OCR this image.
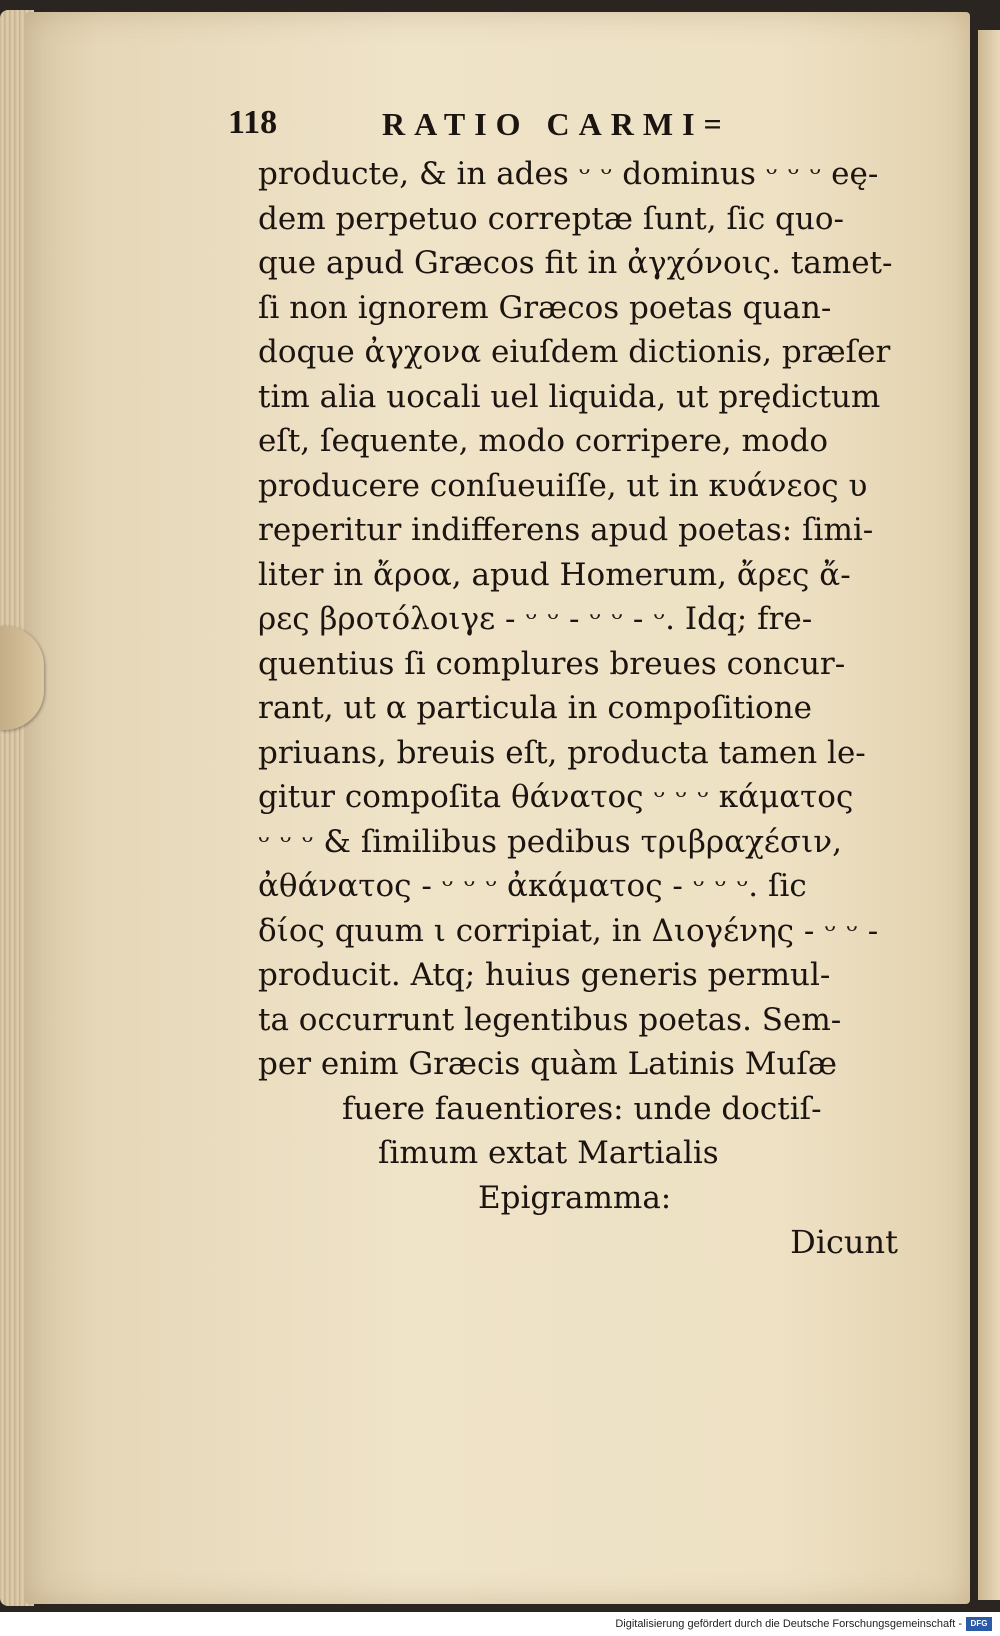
118	RATIO CARMI=
producte, & in ades ᵕ ᵕ dominus ᵕ ᵕ ᵕ eę-
dem perpetuo correptæ ſunt, ſic quo-
que apud Græcos fit in ἀγχόνοις. tamet-
ſi non ignorem Græcos poetas quan-
doque ἀγχονα eiuſdem dictionis, præſer
tim alia uocali uel liquida, ut prędictum
eſt, ſequente, modo corripere, modo
producere conſueuiſſe, ut in κυάνεος υ
reperitur indifferens apud poetas: ſimi-
liter in ἄροα, apud Homerum, ἄρες ἄ-
ρες βροτόλοιγε - ᵕ ᵕ - ᵕ ᵕ - ᵕ. Idq; fre-
quentius ſi complures breues concur-
rant, ut α particula in compoſitione
priuans, breuis eſt, producta tamen le-
gitur compoſita θάνατος ᵕ ᵕ ᵕ κάματος
ᵕ ᵕ ᵕ & ſimilibus pedibus τριβραχέσιν,
ἀθάνατος - ᵕ ᵕ ᵕ ἀκάματος - ᵕ ᵕ ᵕ. ſic
δίος quum ι corripiat, in Διογένης - ᵕ ᵕ -
producit. Atq; huius generis permul-
ta occurrunt legentibus poetas. Sem-
per enim Græcis quàm Latinis Muſæ
fuere fauentiores: unde doctiſ-
ſimum extat Martialis
Epigramma:
Dicunt
Digitalisierung gefördert durch die Deutsche Forschungsgemeinschaft - DFG
